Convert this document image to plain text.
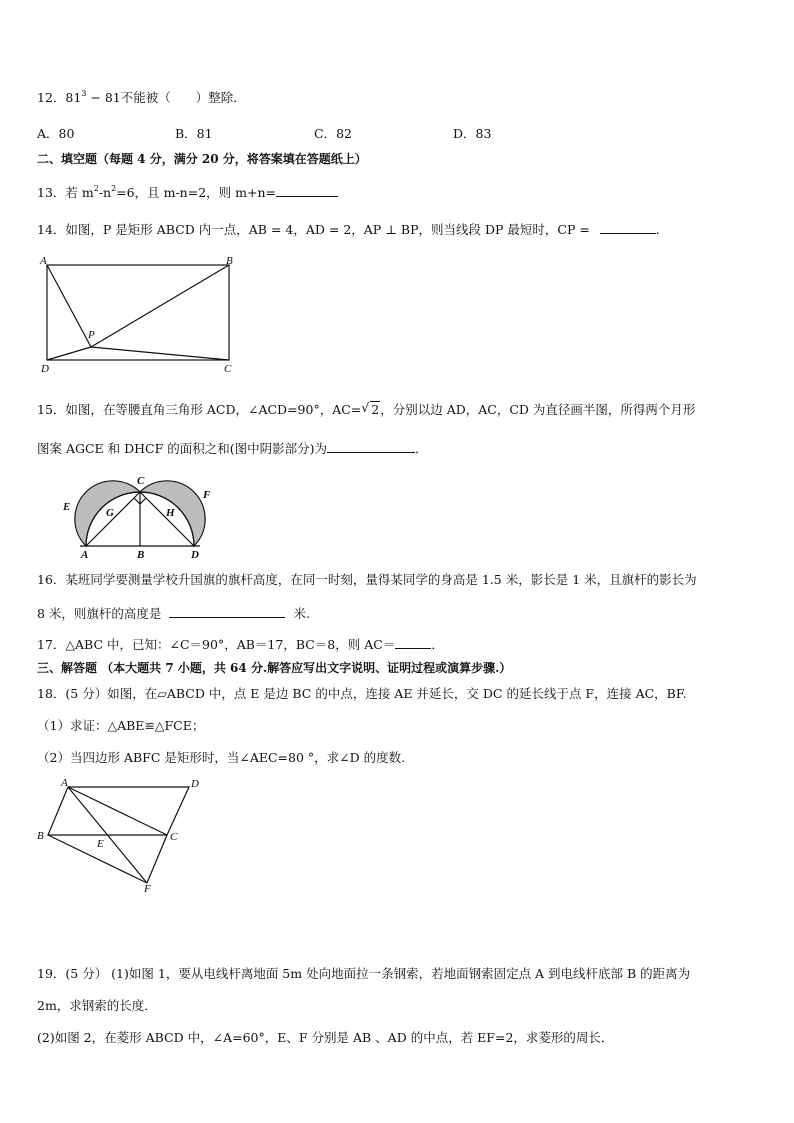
12．$81^3 - 81$不能被（　　）整除．
A．80	B．81	C．82	D．83
二、填空题（每题 4 分，满分 20 分，将答案填在答题纸上）
13．若 $m^2-n^2=6$，且 m-n=2，则 m+n=
14．如图，P 是矩形 ABCD 内一点，AB = 4，AD = 2，AP ⊥ BP，则当线段 DP 最短时，CP =	．
A	B
P
D	C
15．如图，在等腰直角三角形 ACD，∠ACD=90°，AC= √ 2，分别以边 AD，AC，CD 为直径画半图，所得两个月形
图案 AGCE 和 DHCF 的面积之和(图中阴影部分)为	．
C
E
F
G	H
A	B	D
16．某班同学要测量学校升国旗的旗杆高度，在同一时刻，量得某同学的身高是 1.5 米，影长是 1 米，且旗杆的影长为
8 米，则旗杆的高度是	米.
17．△ABC 中，已知：∠C＝90°，AB＝17，BC＝8，则 AC＝	．
三、解答题 （本大题共 7 小题，共 64 分.解答应写出文字说明、证明过程或演算步骤.）
18．(5 分）如图，在▱ABCD 中，点 E 是边 BC 的中点，连接 AE 并延长，交 DC 的延长线于点 F，连接 AC，BF.
（1）求证：△ABE≌△FCE；
（2）当四边形 ABFC 是矩形时，当∠AEC=80 °，求∠D 的度数.
A	D
B	C
E
F
19．(5 分） (1)如图 1，要从电线杆离地面 5m 处向地面拉一条钢索，若地面钢索固定点 A 到电线杆底部 B 的距离为
2m，求钢索的长度．
(2)如图 2，在菱形 ABCD 中，∠A=60°，E、F 分别是 AB 、AD 的中点，若 EF=2，求菱形的周长．
